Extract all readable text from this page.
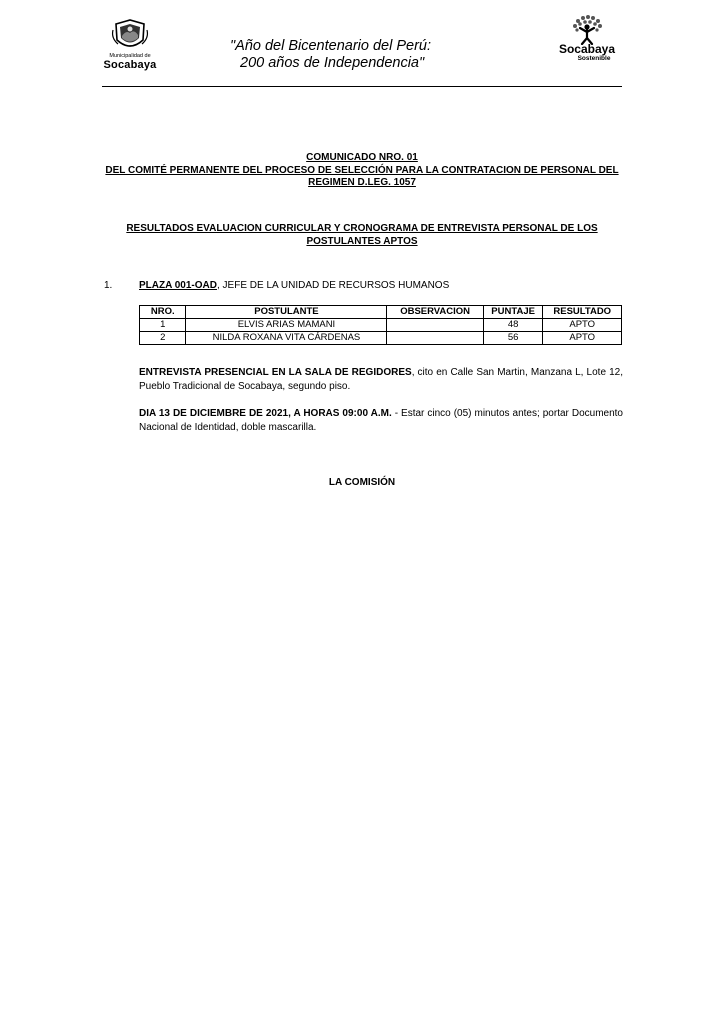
Municipalidad de
Socabaya
"Año del Bicentenario del Perú:
200 años de Independencia"
Socabaya
Sostenible
COMUNICADO NRO. 01
DEL COMITÉ PERMANENTE DEL PROCESO DE SELECCIÓN PARA LA CONTRATACION DE PERSONAL DEL
REGIMEN D.LEG. 1057
RESULTADOS EVALUACION CURRICULAR Y CRONOGRAMA DE ENTREVISTA PERSONAL DE LOS
POSTULANTES APTOS
1.	PLAZA 001-OAD, JEFE DE LA UNIDAD DE RECURSOS HUMANOS
NRO.	POSTULANTE	OBSERVACION	PUNTAJE	RESULTADO
1	ELVIS ARIAS MAMANI		48	APTO
2	NILDA ROXANA VITA CÁRDENAS		56	APTO
ENTREVISTA PRESENCIAL EN LA SALA DE REGIDORES, cito en Calle San Martin, Manzana L, Lote 12, Pueblo Tradicional de Socabaya, segundo piso.
DIA 13 DE DICIEMBRE DE 2021, A HORAS 09:00 A.M. - Estar cinco (05) minutos antes; portar Documento Nacional de Identidad, doble mascarilla.
LA COMISIÓN
